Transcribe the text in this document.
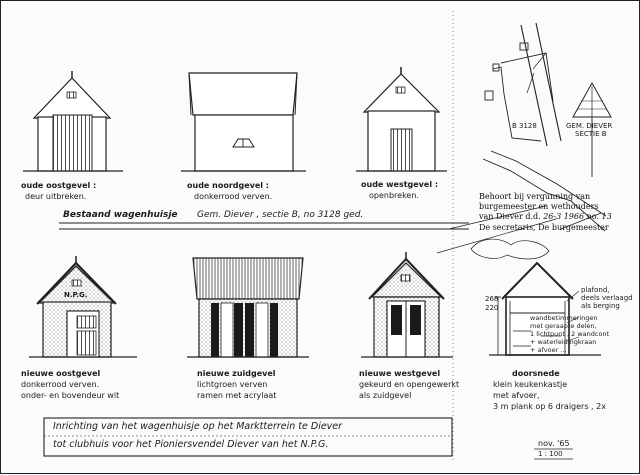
oude oostgevel :

deur uitbreken.

oude noordgevel :

donkerrood verven.

oude westgevel :

openbreken.

Bestaand wagenhuisje Gem. Diever , sectie B, no 3128 ged.

N.P.G.

nieuwe oostgevel

donkerrood verven.

onder- en bovendeur wit

nieuwe zuidgevel

lichtgroen verven

ramen met acrylaat

nieuwe westgevel

gekeurd en opengewerkt

als zuidgevel

doorsnede

klein keukenkastje

met afvoer,

3 m plank op 6 draigers , 2x

268

220

plafond,

deels verlaagd

als berging

wandbetimmeringen

met geraapte delen,

1 lichtpunt , 2 wandcont

+ waterleidingkraan

+ afvoer ...

B 3128	GEM. DIEVER

SECTIE B

Behoort bij vergunning van

burgemeester en wethouders

van Diever d.d. 26-3 1966 no. 13

De secretaris, De burgemeester

Inrichting van het wagenhuisje op het Marktterrein te Diever

tot clubhuis voor het Pioniersvendel Diever van het N.P.G.	nov. '65

1 : 100
